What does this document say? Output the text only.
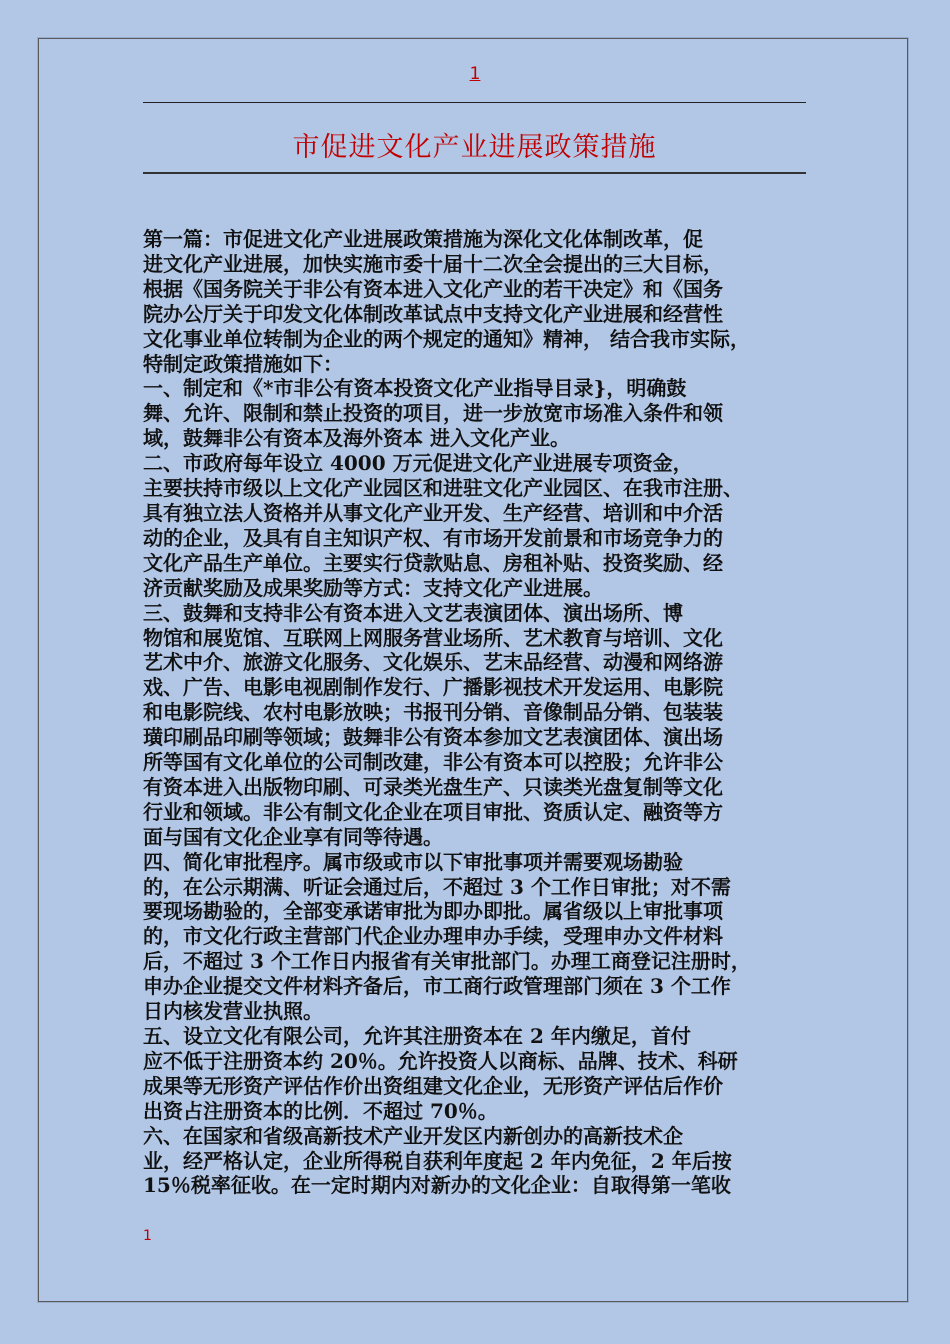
1
市促进文化产业进展政策措施

第一篇：市促进文化产业进展政策措施为深化文化体制改革，促

进文化产业进展，加快实施市委十届十二次全会提出的三大目标，

根据《国务院关于非公有资本进入文化产业的若干决定》和《国务

院办公厅关于印发文化体制改革试点中支持文化产业进展和经营性

文化事业单位转制为企业的两个规定的通知》精神， 结合我市实际，

特制定政策措施如下：

一、制定和《*市非公有资本投资文化产业指导目录}，明确鼓

舞、允许、限制和禁止投资的项目，进一步放宽市场准入条件和领

域，鼓舞非公有资本及海外资本 进入文化产业。

二、市政府每年设立 4000 万元促进文化产业进展专项资金，

主要扶持市级以上文化产业园区和进驻文化产业园区、在我市注册、

具有独立法人资格并从事文化产业开发、生产经营、培训和中介活

动的企业，及具有自主知识产权、有市场开发前景和市场竞争力的

文化产品生产单位。主要实行贷款贴息、房租补贴、投资奖励、经

济贡献奖励及成果奖励等方式：支持文化产业进展。

三、鼓舞和支持非公有资本进入文艺表演团体、演出场所、博

物馆和展览馆、互联网上网服务营业场所、艺术教育与培训、文化

艺术中介、旅游文化服务、文化娱乐、艺末品经营、动漫和网络游

戏、广告、电影电视剧制作发行、广播影视技术开发运用、电影院

和电影院线、农村电影放映；书报刊分销、音像制品分销、包装装

璜印刷品印刷等领域；鼓舞非公有资本参加文艺表演团体、演出场

所等国有文化单位的公司制改建，非公有资本可以控股；允许非公

有资本进入出版物印刷、可录类光盘生产、只读类光盘复制等文化

行业和领域。非公有制文化企业在项目审批、资质认定、融资等方

面与国有文化企业享有同等待遇。

四、简化审批程序。属市级或市以下审批事项并需要观场勘验

的，在公示期满、听证会通过后，不超过 3 个工作日审批；对不需

要现场勘验的，全部变承诺审批为即办即批。属省级以上审批事项

的，市文化行政主营部门代企业办理申办手续，受理申办文件材料

后，不超过 3 个工作日内报省有关审批部门。办理工商登记注册时，

申办企业提交文件材料齐备后，市工商行政管理部门须在 3 个工作

日内核发营业执照。

五、设立文化有限公司，允许其注册资本在 2 年内缴足，首付

应不低于注册资本约 20％。允许投资人以商标、品牌、技术、科研

成果等无形资产评估作价出资组建文化企业，无形资产评估后作价

出资占注册资本的比例．不超过 70％。

六、在国家和省级高新技术产业开发区内新创办的高新技术企

业，经严格认定，企业所得税自获利年度起 2 年内免征，2 年后按

15％税率征收。在一定时期内对新办的文化企业：自取得第一笔收

1
